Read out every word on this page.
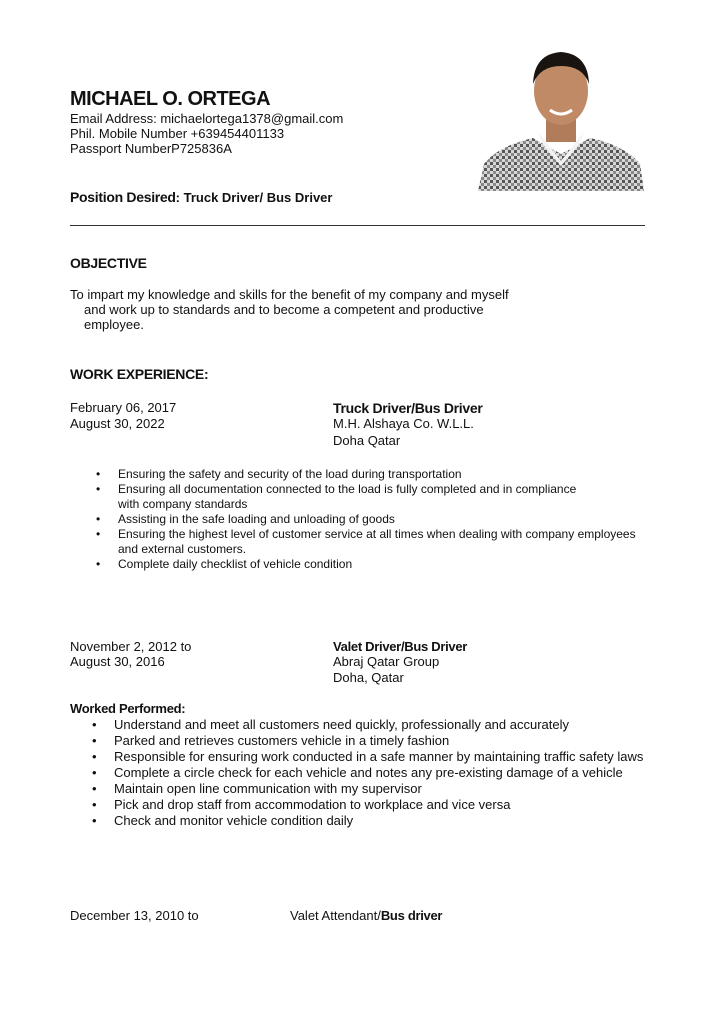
MICHAEL O. ORTEGA
Email Address: michaelortega1378@gmail.com
Phil. Mobile Number +639454401133
Passport NumberP725836A
Position Desired: Truck Driver/ Bus Driver
OBJECTIVE
To impart my knowledge and skills for the benefit of my company and myself
and work up to standards and to become a competent and productive
employee.
WORK EXPERIENCE:
February 06, 2017
August 30, 2022
Truck Driver/Bus Driver
M.H. Alshaya Co. W.L.L.
Doha Qatar
• Ensuring the safety and security of the load during transportation
• Ensuring all documentation connected to the load is fully completed and in compliance with company standards
• Assisting in the safe loading and unloading of goods
• Ensuring the highest level of customer service at all times when dealing with company employees and external customers.
• Complete daily checklist of vehicle condition
November 2, 2012 to
August 30, 2016
Valet Driver/Bus Driver
Abraj Qatar Group
Doha, Qatar
Worked Performed:
• Understand and meet all customers need quickly, professionally and accurately
• Parked and retrieves customers vehicle in a timely fashion
• Responsible for ensuring work conducted in a safe manner by maintaining traffic safety laws
• Complete a circle check for each vehicle and notes any pre-existing damage of a vehicle
• Maintain open line communication with my supervisor
• Pick and drop staff from accommodation to workplace and vice versa
• Check and monitor vehicle condition daily
December 13, 2010 to	Valet Attendant/Bus driver
